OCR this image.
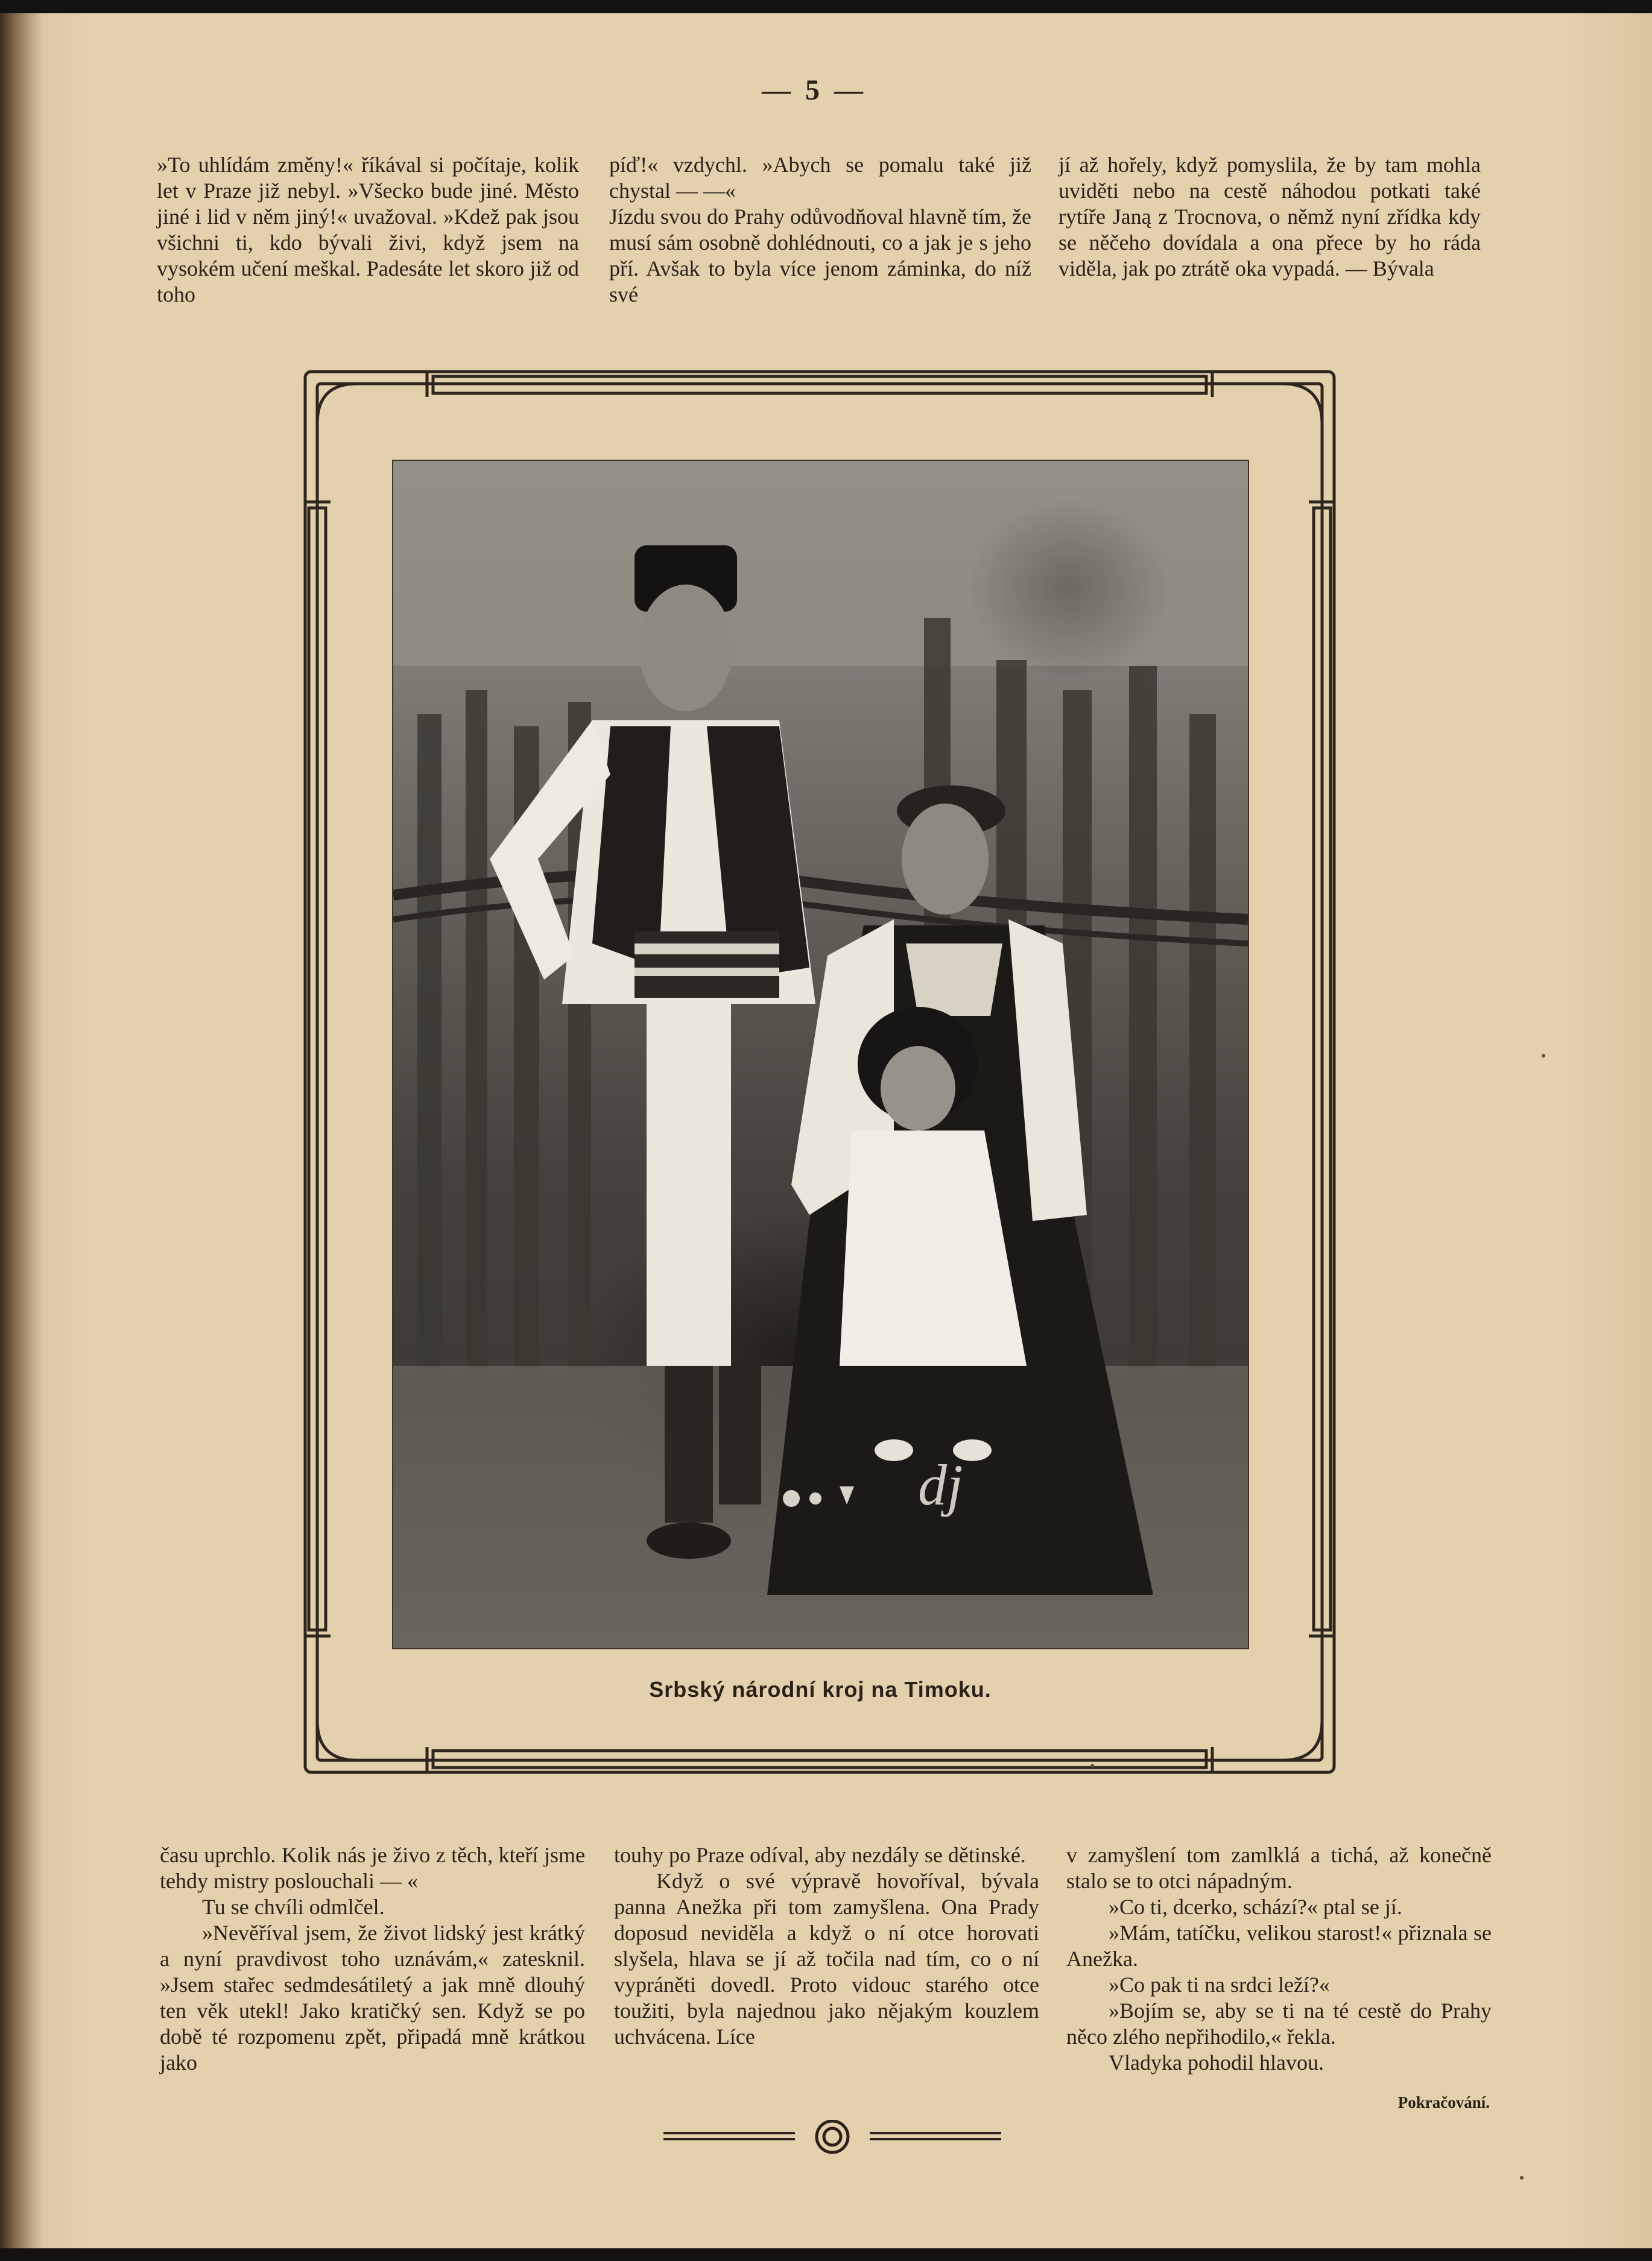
— 5 —

»To uhlídám změny!« říkával si počítaje, kolik let v Praze již nebyl. »Všecko bude jiné. Město jiné i lid v něm jiný!« uvažoval. »Kdež pak jsou všichni ti, kdo bývali živi, když jsem na vysokém učení meškal. Padesáte let skoro již od toho

píď!« vzdychl. »Abych se pomalu také již chystal — —«
Jízdu svou do Prahy odůvodňoval hlavně tím, že musí sám osobně dohlédnouti, co a jak je s jeho pří. Avšak to byla více jenom záminka, do níž své

jí až hořely, když pomyslila, že by tam mohla uviděti nebo na cestě náhodou potkati také rytíře Janą z Trocnova, o němž nyní zřídka kdy se něčeho dovídala a ona přece by ho ráda viděla, jak po ztrátě oka vypadá. — Bývala

dj
Srbský národní kroj na Timoku.

času uprchlo. Kolik nás je živo z těch, kteří jsme tehdy mistry poslouchali — «

Tu se chvíli odmlčel.

»Nevěříval jsem, že život lidský jest krátký a nyní pravdivost toho uznávám,« zatesknil. »Jsem stařec sedmdesátiletý a jak mně dlouhý ten věk utekl! Jako kratičký sen. Když se po době té rozpomenu zpět, připadá mně krátkou jako

touhy po Praze odíval, aby nezdály se dětinské.

Když o své výpravě hovoříval, bývala panna Anežka při tom zamyšlena. Ona Prady doposud neviděla a když o ní otce horovati slyšela, hlava se jí až točila nad tím, co o ní vypráněti dovedl. Proto vidouc starého otce toužiti, byla najednou jako nějakým kouzlem uchvácena. Líce

v zamyšlení tom zamlklá a tichá, až konečně stalo se to otci nápadným.

»Co ti, dcerko, schází?« ptal se jí.

»Mám, tatíčku, velikou starost!« přiznala se Anežka.

»Co pak ti na srdci leží?«

»Bojím se, aby se ti na té cestě do Prahy něco zlého nepřihodilo,« řekla.

Vladyka pohodil hlavou.

Pokračování.
